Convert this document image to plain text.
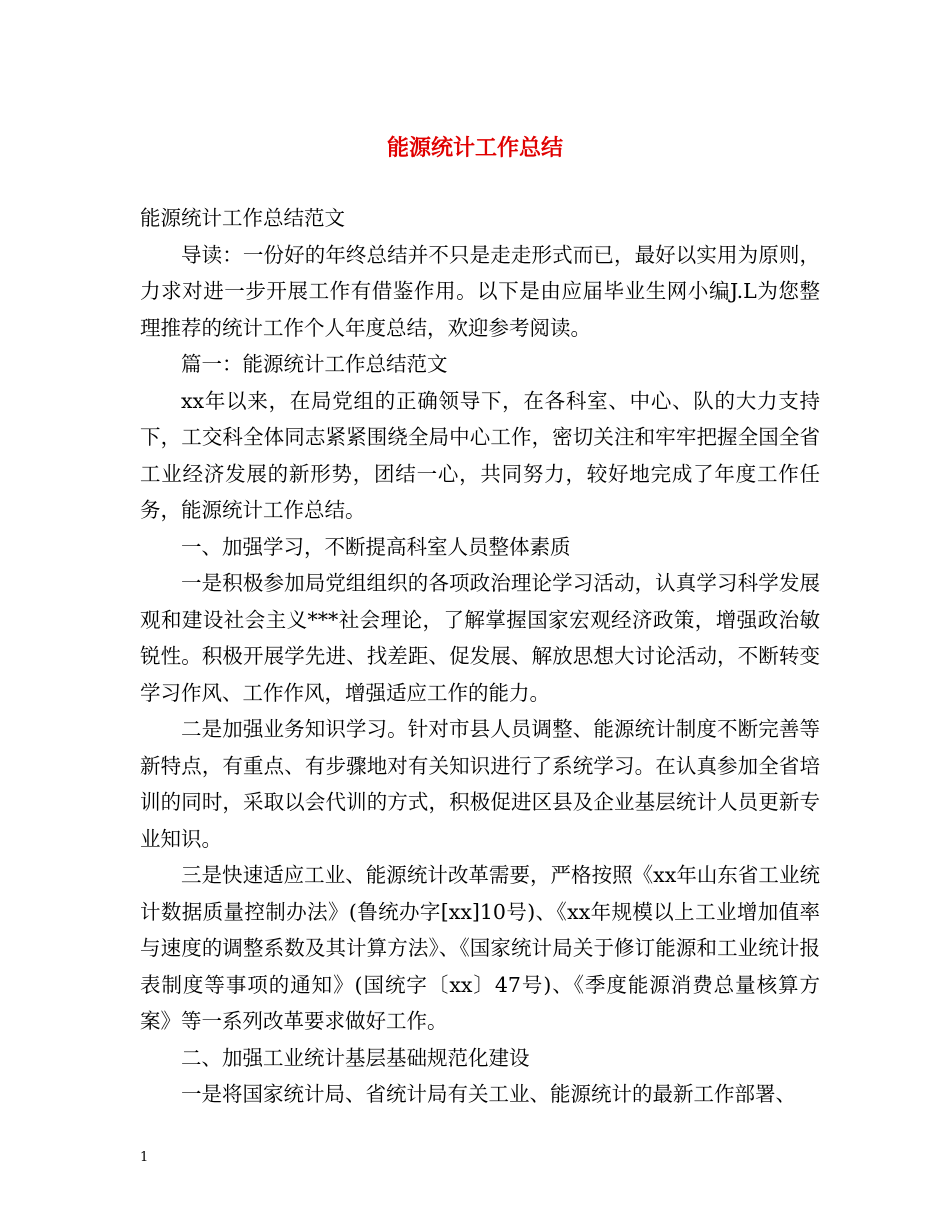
能源统计工作总结

能源统计工作总结范文

导读：一份好的年终总结并不只是走走形式而已，最好以实用为原则，力求对进一步开展工作有借鉴作用。以下是由应届毕业生网小编J.L为您整理推荐的统计工作个人年度总结，欢迎参考阅读。

篇一：能源统计工作总结范文

xx年以来，在局党组的正确领导下，在各科室、中心、队的大力支持下，工交科全体同志紧紧围绕全局中心工作，密切关注和牢牢把握全国全省工业经济发展的新形势，团结一心，共同努力，较好地完成了年度工作任务，能源统计工作总结。

一、加强学习，不断提高科室人员整体素质

一是积极参加局党组组织的各项政治理论学习活动，认真学习科学发展观和建设社会主义***社会理论，了解掌握国家宏观经济政策，增强政治敏锐性。积极开展学先进、找差距、促发展、解放思想大讨论活动，不断转变学习作风、工作作风，增强适应工作的能力。

二是加强业务知识学习。针对市县人员调整、能源统计制度不断完善等新特点，有重点、有步骤地对有关知识进行了系统学习。在认真参加全省培训的同时，采取以会代训的方式，积极促进区县及企业基层统计人员更新专业知识。

三是快速适应工业、能源统计改革需要，严格按照《xx年山东省工业统计数据质量控制办法》(鲁统办字[xx]10号)、《xx年规模以上工业增加值率与速度的调整系数及其计算方法》、《国家统计局关于修订能源和工业统计报表制度等事项的通知》(国统字〔xx〕47号)、《季度能源消费总量核算方案》等一系列改革要求做好工作。

二、加强工业统计基层基础规范化建设

一是将国家统计局、省统计局有关工业、能源统计的最新工作部署、

1
